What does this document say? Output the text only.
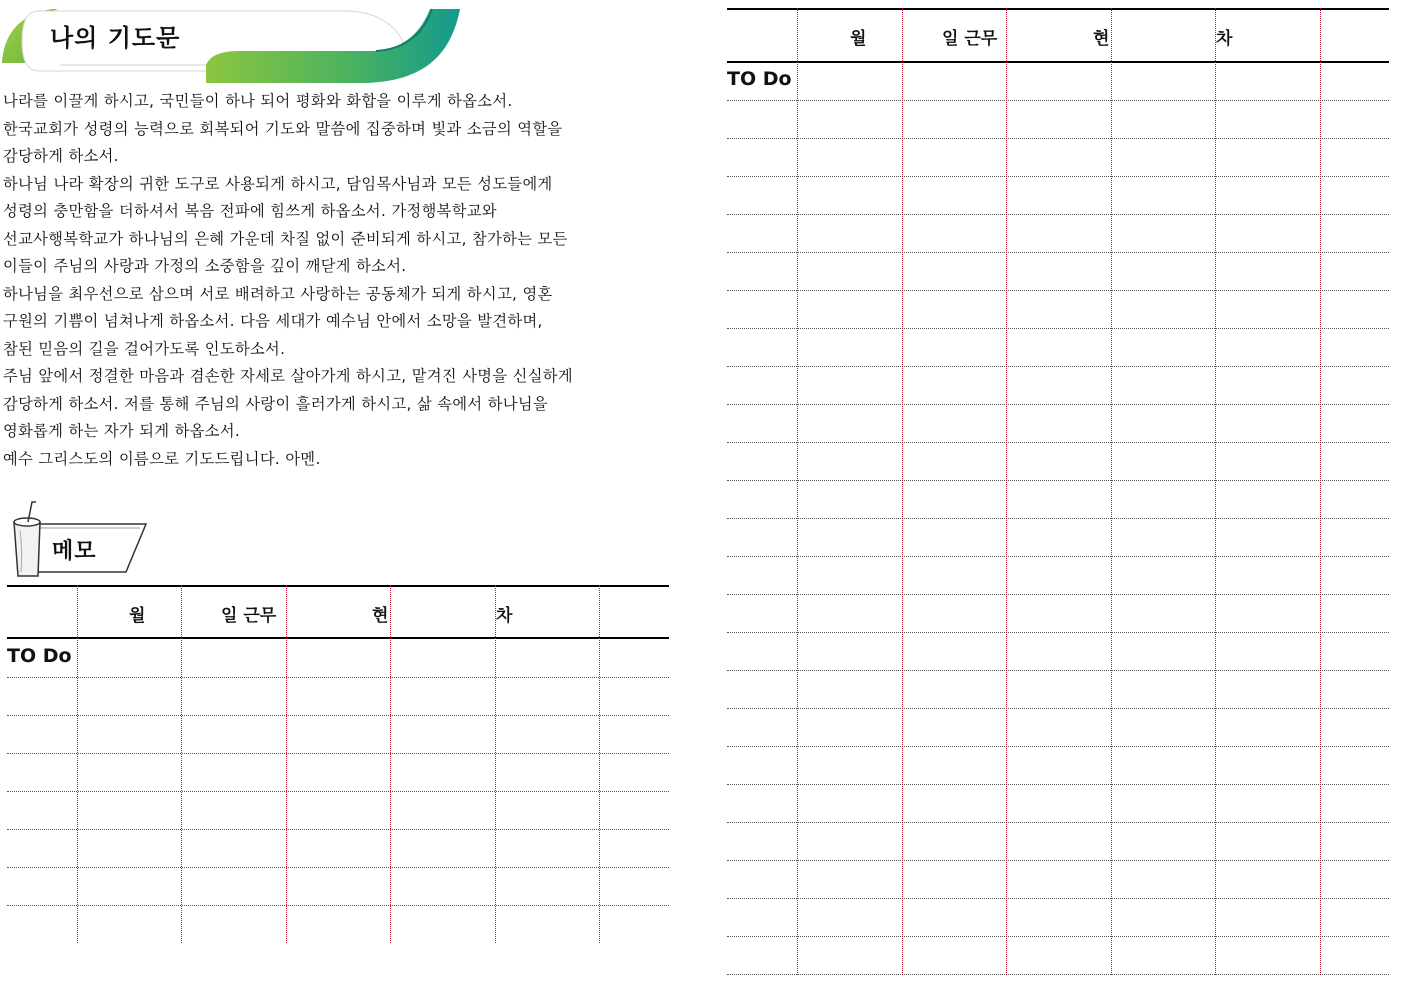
나의 기도문
나라를 이끌게 하시고, 국민들이 하나 되어 평화와 화합을 이루게 하옵소서.
한국교회가 성령의 능력으로 회복되어 기도와 말씀에 집중하며 빛과 소금의 역할을
감당하게 하소서.
하나님 나라 확장의 귀한 도구로 사용되게 하시고, 담임목사님과 모든 성도들에게
성령의 충만함을 더하셔서 복음 전파에 힘쓰게 하옵소서. 가정행복학교와
선교사행복학교가 하나님의 은혜 가운데 차질 없이 준비되게 하시고, 참가하는 모든
이들이 주님의 사랑과 가정의 소중함을 깊이 깨닫게 하소서.
하나님을 최우선으로 삼으며 서로 배려하고 사랑하는 공동체가 되게 하시고, 영혼
구원의 기쁨이 넘쳐나게 하옵소서. 다음 세대가 예수님 안에서 소망을 발견하며,
참된 믿음의 길을 걸어가도록 인도하소서.
주님 앞에서 정결한 마음과 겸손한 자세로 살아가게 하시고, 맡겨진 사명을 신실하게
감당하게 하소서. 저를 통해 주님의 사랑이 흘러가게 하시고, 삶 속에서 하나님을
영화롭게 하는 자가 되게 하옵소서.
예수 그리스도의 이름으로 기도드립니다. 아멘.
메모
월	일 근무	현	차
TO Do
월	일 근무	현	차
TO Do
